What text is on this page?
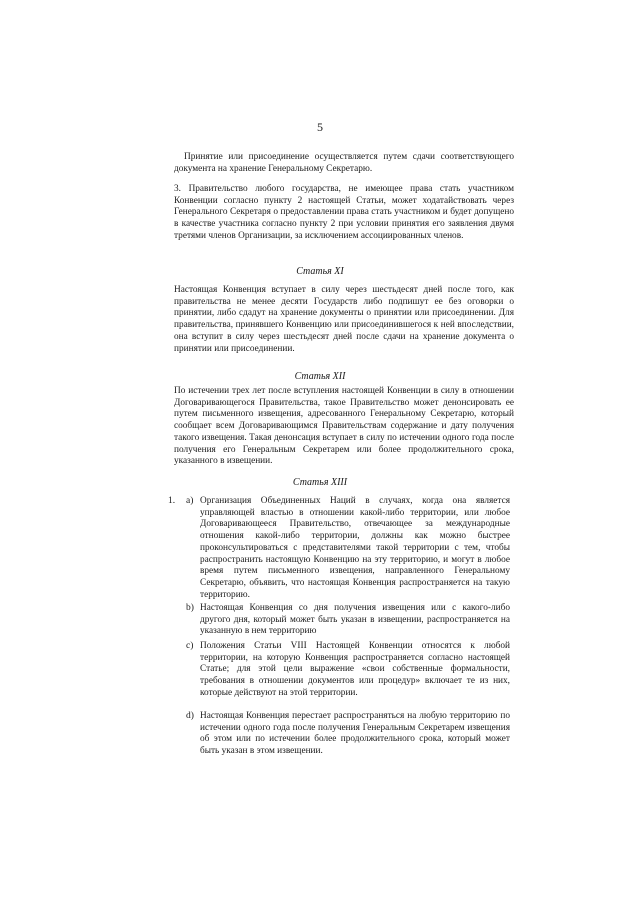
5
Принятие или присоединение осуществляется путем сдачи соответствующего документа на хранение Генеральному Секретарю.
3. Правительство любого государства, не имеющее права стать участником Конвенции согласно пункту 2 настоящей Статьи, может ходатайствовать через Генерального Секретаря о предоставлении права стать участником и будет допущено в качестве участника согласно пункту 2 при условии принятия его заявления двумя третями членов Организации, за исключением ассоциированных членов.
Статья XI
Настоящая Конвенция вступает в силу через шестьдесят дней после того, как правительства не менее десяти Государств либо подпишут ее без оговорки о принятии, либо сдадут на хранение документы о принятии или присоединении. Для правительства, принявшего Конвенцию или присоединившегося к ней впоследствии, она вступит в силу через шестьдесят дней после сдачи на хранение документа о принятии или присоединении.
Статья XII
По истечении трех лет после вступления настоящей Конвенции в силу в отношении Договаривающегося Правительства, такое Правительство может денонсировать ее путем письменного извещения, адресованного Генеральному Секретарю, который сообщает всем Договаривающимся Правительствам содержание и дату получения такого извещения. Такая денонсация вступает в силу по истечении одного года после получения его Генеральным Секретарем или более продолжительного срока, указанного в извещении.
Статья XIII
1. a) Организация Объединенных Наций в случаях, когда она является управляющей властью в отношении какой-либо территории, или любое Договаривающееся Правительство, отвечающее за международные отношения какой-либо территории, должны как можно быстрее проконсультироваться с представителями такой территории с тем, чтобы распространить настоящую Конвенцию на эту территорию, и могут в любое время путем письменного извещения, направленного Генеральному Секретарю, объявить, что настоящая Конвенция распространяется на такую территорию.
b) Настоящая Конвенция со дня получения извещения или с какого-либо другого дня, который может быть указан в извещении, распространяется на указанную в нем территорию
c) Положения Статьи VIII Настоящей Конвенции относятся к любой территории, на которую Конвенция распространяется согласно настоящей Статье; для этой цели выражение «свои собственные формальности, требования в отношении документов или процедур» включает те из них, которые действуют на этой территории.
d) Настоящая Конвенция перестает распространяться на любую территорию по истечении одного года после получения Генеральным Секретарем извещения об этом или по истечении более продолжительного срока, который может быть указан в этом извещении.
